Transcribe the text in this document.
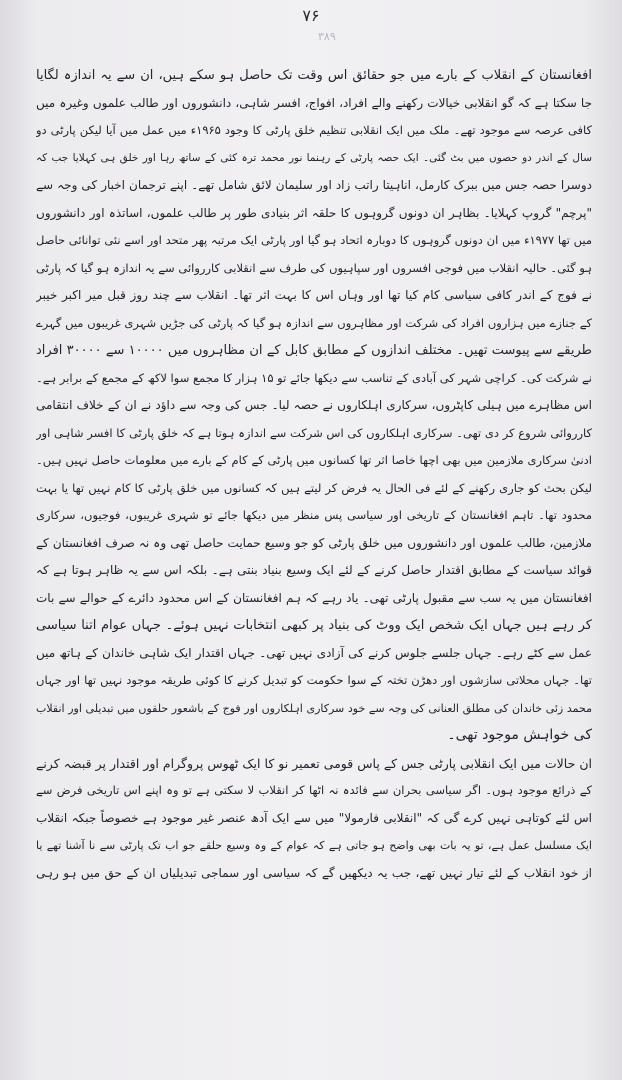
۷۶
۳۸۹
افغانستان کے انقلاب کے بارے میں جو حقائق اس وقت تک حاصل ہو سکے ہیں، ان سے یہ اندازہ لگایا
جا سکتا ہے کہ گو انقلابی خیالات رکھنے والے افراد، افواج، افسر شاہی، دانشوروں اور طالب علموں وغیرہ میں
کافی عرصہ سے موجود تھے۔ ملک میں ایک انقلابی تنظیم خلق پارٹی کا وجود ۱۹۶۵ء میں عمل میں آیا لیکن پارٹی دو
سال کے اندر دو حصوں میں بٹ گئی۔ ایک حصہ پارٹی کے رہنما نور محمد ترہ کئی کے ساتھ رہا اور خلق ہی کہلایا جب کہ
دوسرا حصہ جس میں ببرک کارمل، اناہیتا راتب زاد اور سلیمان لائق شامل تھے۔ اپنے ترجمان اخبار کی وجہ سے
"پرچم" گروپ کہلایا۔ بظاہر ان دونوں گروہوں کا حلقہ اثر بنیادی طور پر طالب علموں، اساتذہ اور دانشوروں
میں تھا ۱۹۷۷ء میں ان دونوں گروہوں کا دوبارہ اتحاد ہو گیا اور پارٹی ایک مرتبہ پھر متحد اور اسے نئی توانائی حاصل
ہو گئی۔ حالیہ انقلاب میں فوجی افسروں اور سپاہیوں کی طرف سے انقلابی کارروائی سے یہ اندازہ ہو گیا کہ پارٹی
نے فوج کے اندر کافی سیاسی کام کیا تھا اور وہاں اس کا بہت اثر تھا۔ انقلاب سے چند روز قبل میر اکبر خیبر
کے جنازے میں ہزاروں افراد کی شرکت اور مظاہروں سے اندازہ ہو گیا کہ پارٹی کی جڑیں شہری غریبوں میں گہرے
طریقے سے پیوست تھیں۔ مختلف اندازوں کے مطابق کابل کے ان مظاہروں میں ۱۰۰۰۰ سے ۳۰۰۰۰ افراد
نے شرکت کی۔ کراچی شہر کی آبادی کے تناسب سے دیکھا جائے تو ۱۵ ہزار کا مجمع سوا لاکھ کے مجمع کے برابر ہے۔
اس مظاہرے میں ہیلی کاپٹروں، سرکاری اہلکاروں نے حصہ لیا۔ جس کی وجہ سے داؤد نے ان کے خلاف انتقامی
کارروائی شروع کر دی تھی۔ سرکاری اہلکاروں کی اس شرکت سے اندازہ ہوتا ہے کہ خلق پارٹی کا افسر شاہی اور
ادنیٰ سرکاری ملازمین میں بھی اچھا خاصا اثر تھا کسانوں میں پارٹی کے کام کے بارے میں معلومات حاصل نہیں ہیں۔
لیکن بحث کو جاری رکھنے کے لئے فی الحال یہ فرض کر لیتے ہیں کہ کسانوں میں خلق پارٹی کا کام نہیں تھا یا بہت
محدود تھا۔ تاہم افغانستان کے تاریخی اور سیاسی پس منظر میں دیکھا جائے تو شہری غریبوں، فوجیوں، سرکاری
ملازمین، طالب علموں اور دانشوروں میں خلق پارٹی کو جو وسیع حمایت حاصل تھی وہ نہ صرف افغانستان کے
قوائد سیاست کے مطابق اقتدار حاصل کرنے کے لئے ایک وسیع بنیاد بنتی ہے۔ بلکہ اس سے یہ ظاہر ہوتا ہے کہ
افغانستان میں یہ سب سے مقبول پارٹی تھی۔ یاد رہے کہ ہم افغانستان کے اس محدود دائرے کے حوالے سے بات
کر رہے ہیں جہاں ایک شخص ایک ووٹ کی بنیاد پر کبھی انتخابات نہیں ہوئے۔ جہاں عوام اتنا سیاسی
عمل سے کٹے رہے۔ جہاں جلسے جلوس کرنے کی آزادی نہیں تھی۔ جہاں اقتدار ایک شاہی خاندان کے ہاتھ میں
تھا۔ جہاں محلاتی سازشوں اور دھڑن تختہ کے سوا حکومت کو تبدیل کرنے کا کوئی طریقہ موجود نہیں تھا اور جہاں
محمد زئی خاندان کی مطلق العنانی کی وجہ سے خود سرکاری اہلکاروں اور فوج کے باشعور حلقوں میں تبدیلی اور انقلاب
کی خواہش موجود تھی۔
ان حالات میں ایک انقلابی پارٹی جس کے پاس قومی تعمیر نو کا ایک ٹھوس پروگرام اور اقتدار پر قبضہ کرنے
کے ذرائع موجود ہوں۔ اگر سیاسی بحران سے فائدہ نہ اٹھا کر انقلاب لا سکتی ہے تو وہ اپنے اس تاریخی فرض سے
اس لئے کوتاہی نہیں کرے گی کہ "انقلابی فارمولا" میں سے ایک آدھ عنصر غیر موجود ہے خصوصاً جبکہ انقلاب
ایک مسلسل عمل ہے، تو یہ بات بھی واضح ہو جاتی ہے کہ عوام کے وہ وسیع حلقے جو اب تک پارٹی سے نا آشنا تھے یا
از خود انقلاب کے لئے تیار نہیں تھے، جب یہ دیکھیں گے کہ سیاسی اور سماجی تبدیلیاں ان کے حق میں ہو رہی
